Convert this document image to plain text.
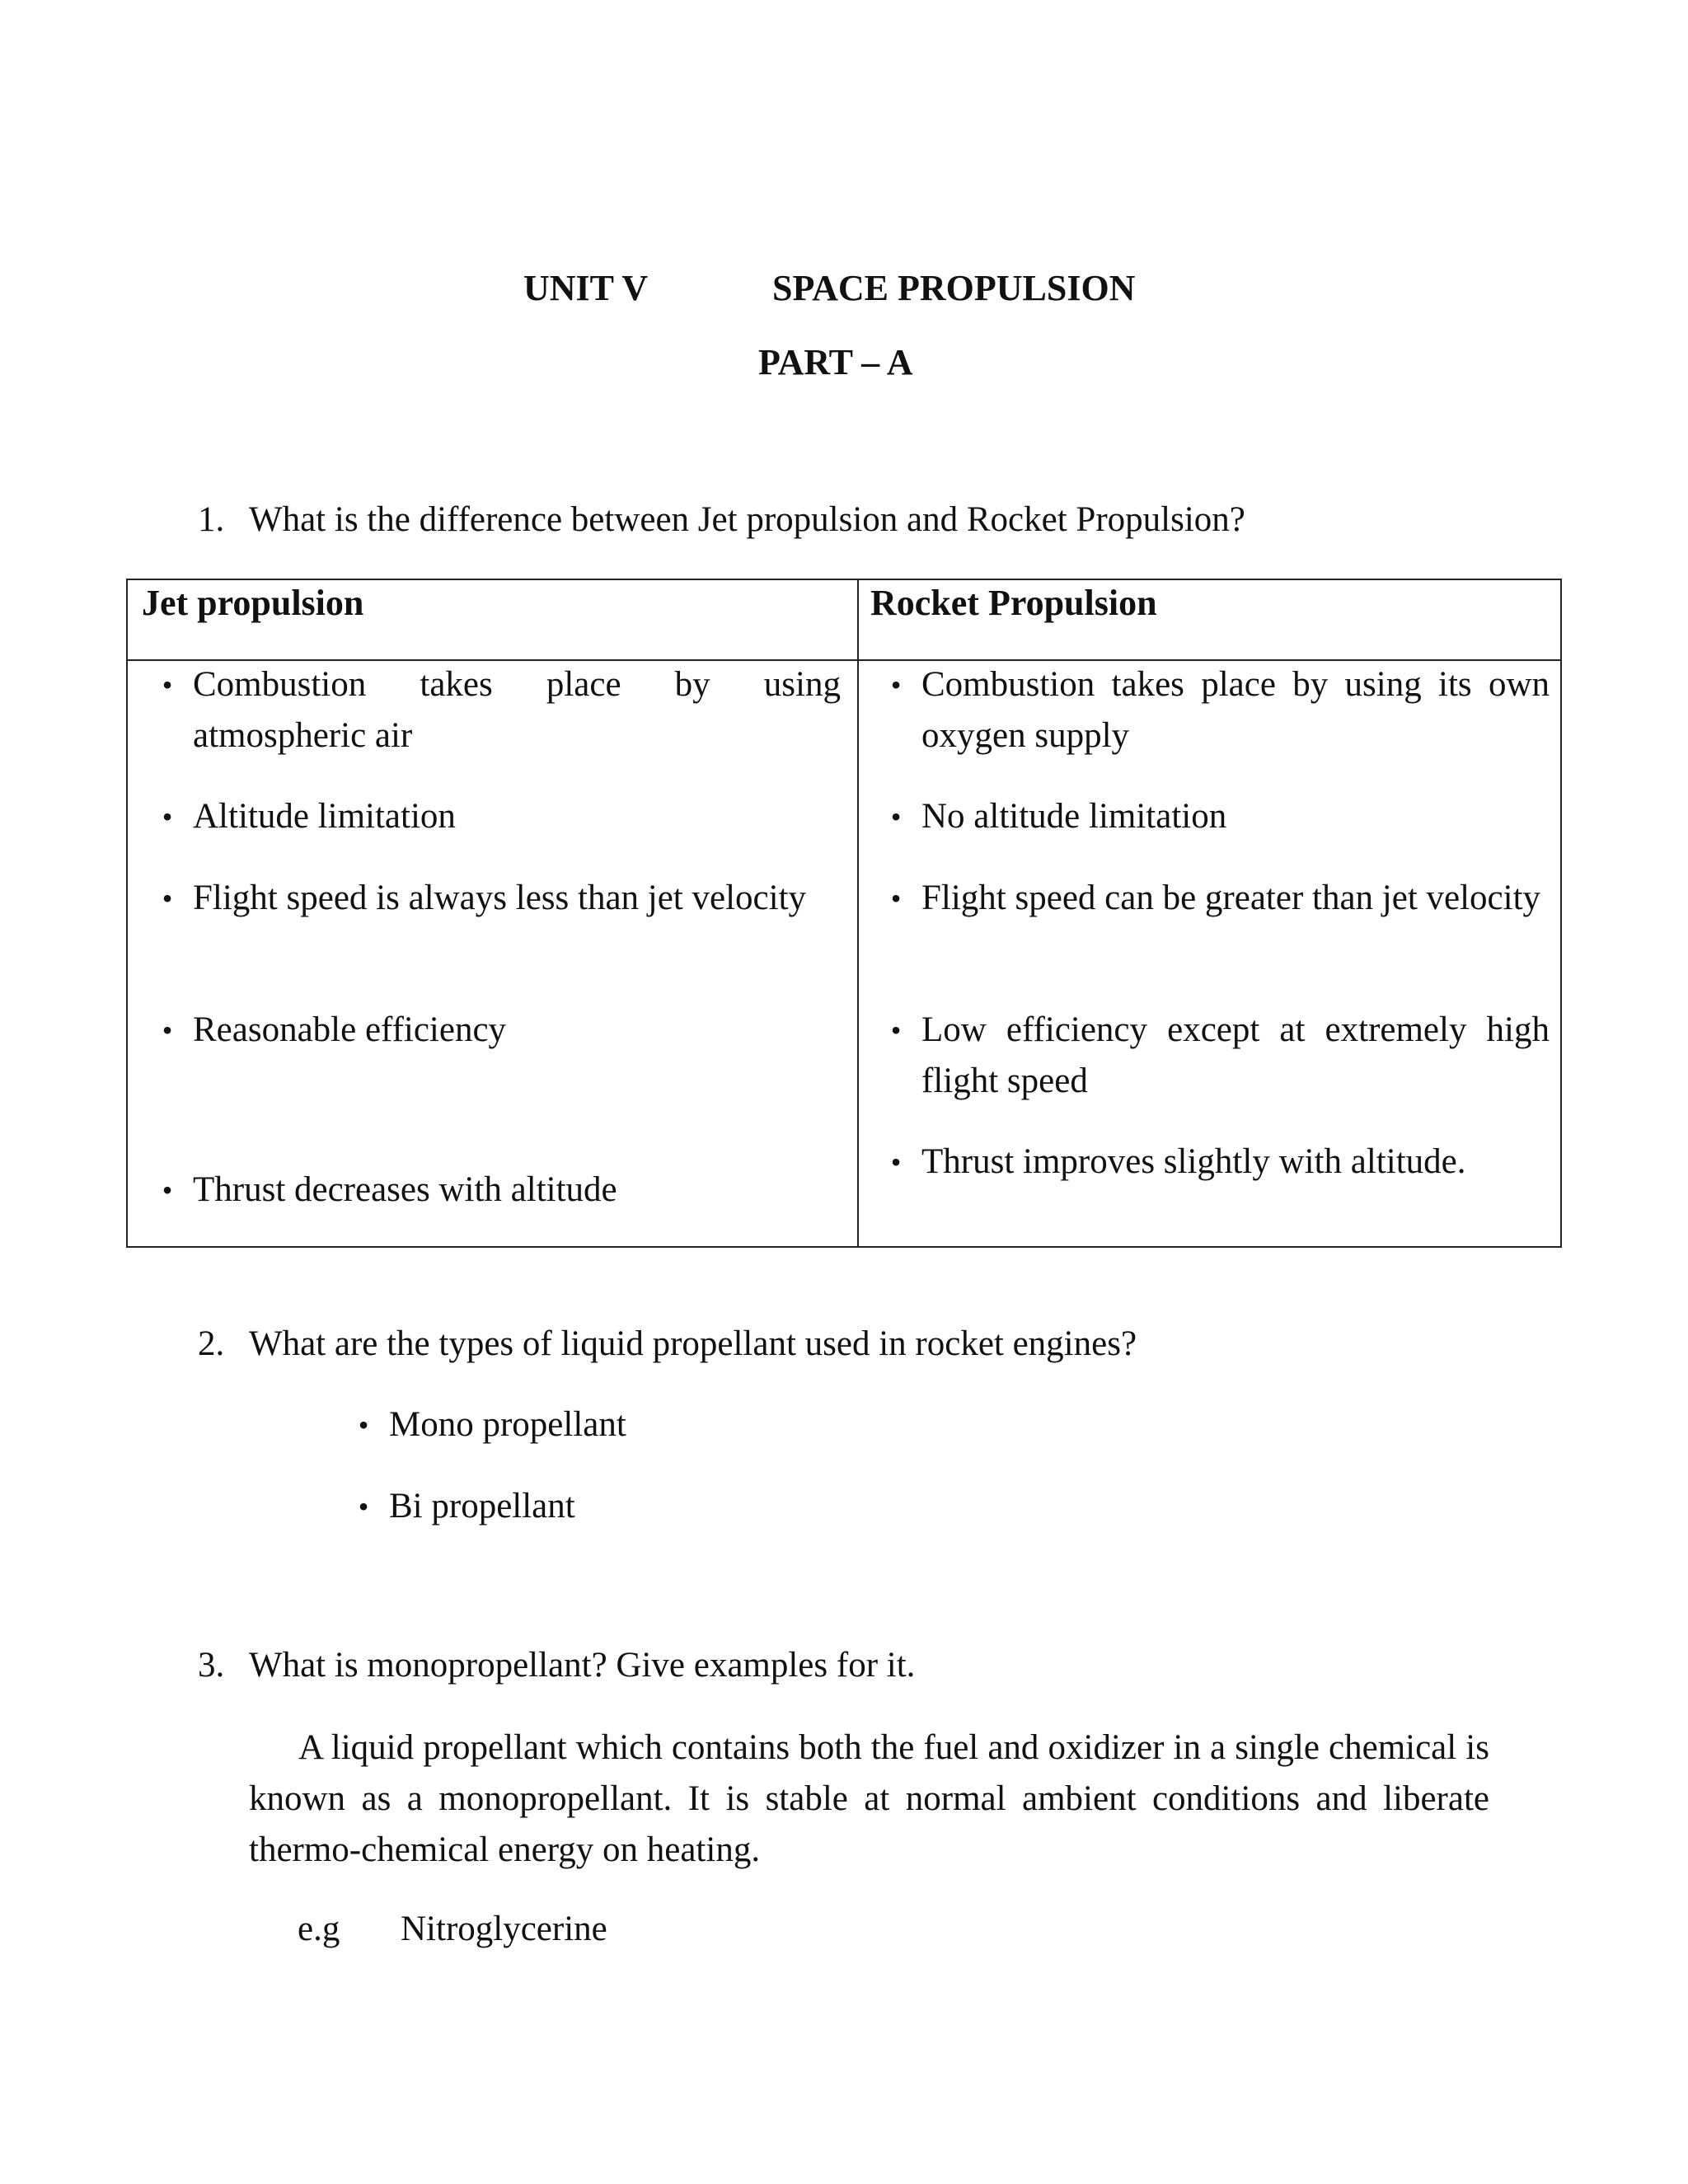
UNIT V	SPACE PROPULSION
PART – A
1. What is the difference between Jet propulsion and Rocket Propulsion?
Jet propulsion	Rocket Propulsion
• Combustion takes place by using atmospheric air
• Altitude limitation
• Flight speed is always less than jet velocity
• Reasonable efficiency
• Thrust decreases with altitude
• Combustion takes place by using its own oxygen supply
• No altitude limitation
• Flight speed can be greater than jet velocity
• Low efficiency except at extremely high flight speed
• Thrust improves slightly with altitude.
2. What are the types of liquid propellant used in rocket engines?
• Mono propellant
• Bi propellant
3. What is monopropellant? Give examples for it.

A liquid propellant which contains both the fuel and oxidizer in a single chemical is known as a monopropellant. It is stable at normal ambient conditions and liberate thermo-chemical energy on heating.

e.g Nitroglycerine
